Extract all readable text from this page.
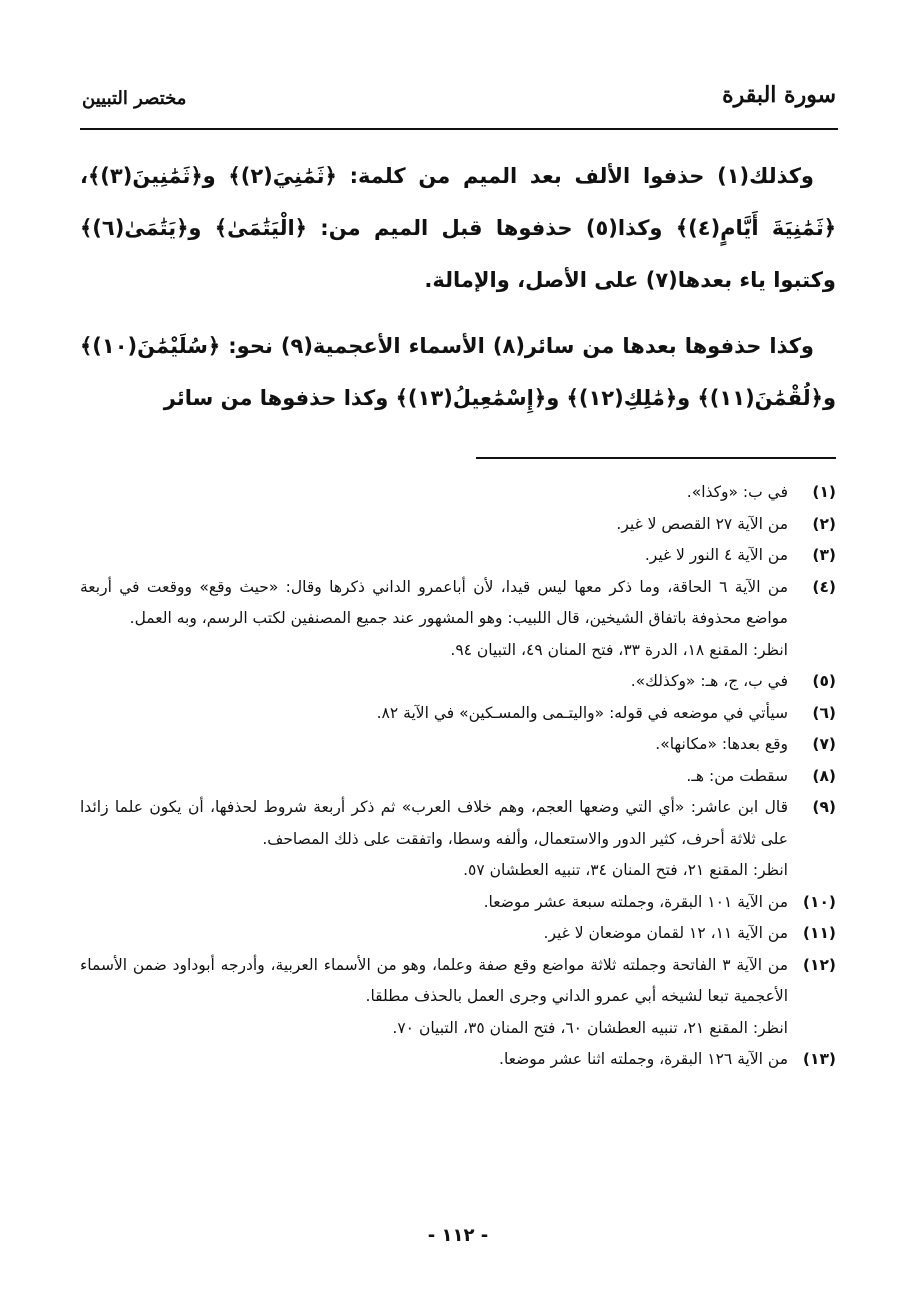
سورة البقرة
مختصر التبيين

وكذلك(١) حذفوا الألف بعد الميم من كلمة: ﴿ثَمَٰنِيَ(٢)﴾ و﴿ثَمَٰنِينَ(٣)﴾، ﴿ثَمَٰنِيَةَ أَيَّامٍ(٤)﴾ وكذا(٥) حذفوها قبل الميم من: ﴿الْيَتَٰمَىٰ﴾ و﴿يَتَٰمَىٰ(٦)﴾ وكتبوا ياء بعدها(٧) على الأصل، والإمالة.

وكذا حذفوها بعدها من سائر(٨) الأسماء الأعجمية(٩) نحو: ﴿سُلَيْمَٰنَ(١٠)﴾ و﴿لُقْمَٰنَ(١١)﴾ و﴿مَٰلِكِ(١٢)﴾ و﴿إِسْمَٰعِيلُ(١٣)﴾ وكذا حذفوها من سائر

(١)
في ب: «وكذا».
(٢)
من الآية ٢٧ القصص لا غير.
(٣)
من الآية ٤ النور لا غير.
(٤)
من الآية ٦ الحاقة، وما ذكر معها ليس قيدا، لأن أباعمرو الداني ذكرها وقال: «حيث وقع» ووقعت في أربعة مواضع محذوفة باتفاق الشيخين، قال اللبيب: وهو المشهور عند جميع المصنفين لكتب الرسم، وبه العمل.
انظر: المقنع ١٨، الدرة ٣٣، فتح المنان ٤٩، التبيان ٩٤.
(٥)
في ب، ج، هـ: «وكذلك».
(٦)
سيأتي في موضعه في قوله: «واليتـمى والمسـكين» في الآية ٨٢.
(٧)
وقع بعدها: «مكانها».
(٨)
سقطت من: هـ.
(٩)
قال ابن عاشر: «أي التي وضعها العجم، وهم خلاف العرب» ثم ذكر أربعة شروط لحذفها، أن يكون علما زائدا على ثلاثة أحرف، كثير الدور والاستعمال، وألفه وسطا، واتفقت على ذلك المصاحف.
انظر: المقنع ٢١، فتح المنان ٣٤، تنبيه العطشان ٥٧.
(١٠)
من الآية ١٠١ البقرة، وجملته سبعة عشر موضعا.
(١١)
من الآية ١١، ١٢ لقمان موضعان لا غير.
(١٢)
من الآية ٣ الفاتحة وجملته ثلاثة مواضع وقع صفة وعلما، وهو من الأسماء العربية، وأدرجه أبوداود ضمن الأسماء الأعجمية تبعا لشيخه أبي عمرو الداني وجرى العمل بالحذف مطلقا.
انظر: المقنع ٢١، تنبيه العطشان ٦٠، فتح المنان ٣٥، التبيان ٧٠.
(١٣)
من الآية ١٢٦ البقرة، وجملته اثنا عشر موضعا.
- ١١٢ -
